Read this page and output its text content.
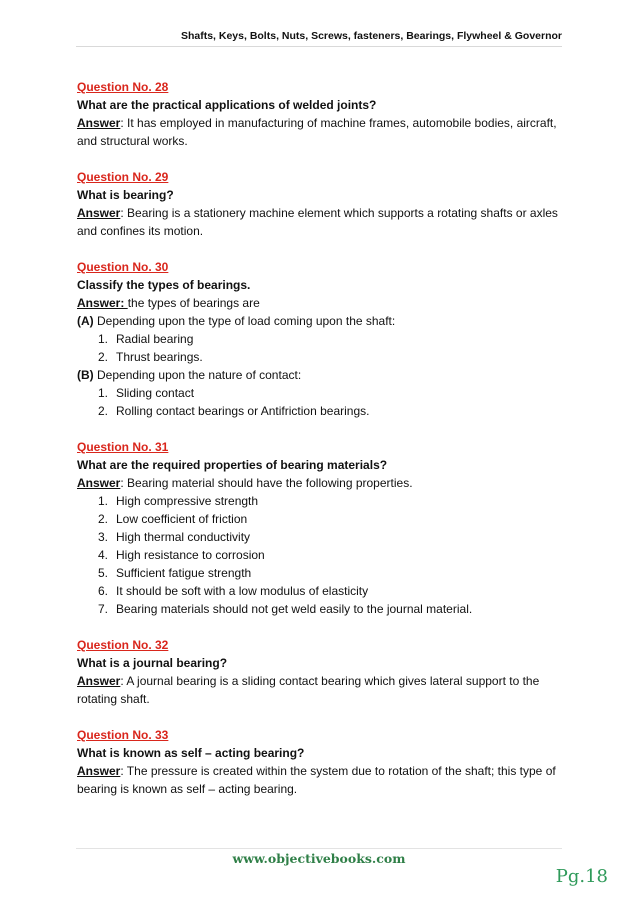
Shafts, Keys, Bolts, Nuts, Screws, fasteners, Bearings, Flywheel & Governor
Question No. 28
What are the practical applications of welded joints?
Answer: It has employed in manufacturing of machine frames, automobile bodies, aircraft, and structural works.
Question No. 29
What is bearing?
Answer: Bearing is a stationery machine element which supports a rotating shafts or axles and confines its motion.
Question No. 30
Classify the types of bearings.
Answer: the types of bearings are
(A) Depending upon the type of load coming upon the shaft:
1. Radial bearing
2. Thrust bearings.
(B) Depending upon the nature of contact:
1. Sliding contact
2. Rolling contact bearings or Antifriction bearings.
Question No. 31
What are the required properties of bearing materials?
Answer: Bearing material should have the following properties.
1. High compressive strength
2. Low coefficient of friction
3. High thermal conductivity
4. High resistance to corrosion
5. Sufficient fatigue strength
6. It should be soft with a low modulus of elasticity
7. Bearing materials should not get weld easily to the journal material.
Question No. 32
What is a journal bearing?
Answer: A journal bearing is a sliding contact bearing which gives lateral support to the rotating shaft.
Question No. 33
What is known as self – acting bearing?
Answer: The pressure is created within the system due to rotation of the shaft; this type of bearing is known as self – acting bearing.
www.objectivebooks.com
Pg.18
